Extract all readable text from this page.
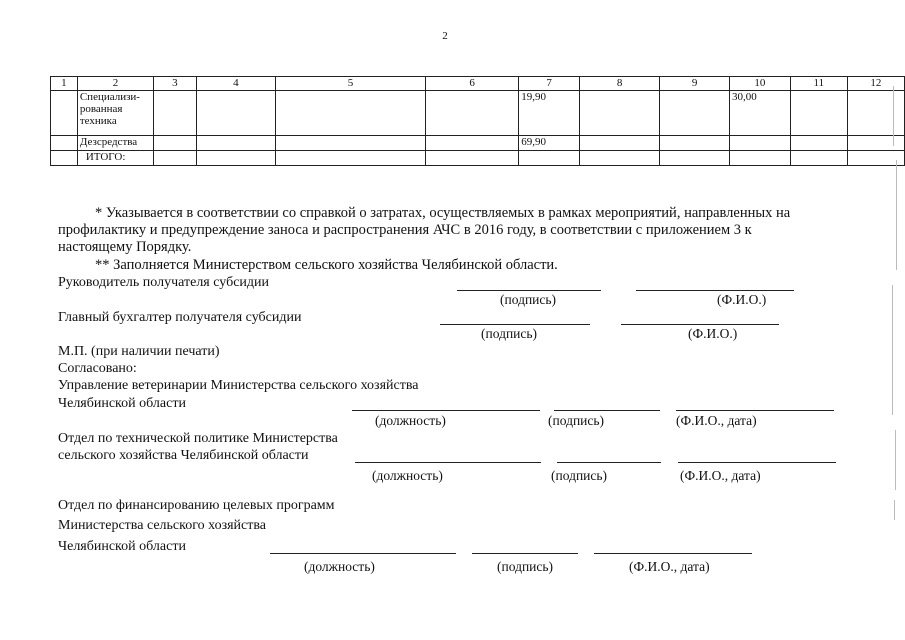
2
1	2	3	4	5	6	7	8	9	10	11	12
	Специализи-
рованная
техника					19,90			30,00		
	Дезсредства					69,90					
	ИТОГО:										
* Указывается в соответствии со справкой о затратах, осуществляемых в рамках мероприятий, направленных на
профилактику и предупреждение заноса и распространения АЧС в 2016 году, в соответствии с приложением 3 к
настоящему Порядку.
** Заполняется Министерством сельского хозяйства Челябинской области.
Руководитель получателя субсидии
(подпись)	(Ф.И.О.)
Главный бухгалтер получателя субсидии
(подпись)	(Ф.И.О.)
М.П. (при наличии печати)
Согласовано:
Управление ветеринарии Министерства сельского хозяйства
Челябинской области
(должность)	(подпись)	(Ф.И.О., дата)
Отдел по технической политике Министерства
сельского хозяйства Челябинской области
(должность)	(подпись)	(Ф.И.О., дата)
Отдел по финансированию целевых программ
Министерства сельского хозяйства
Челябинской области
(должность)	(подпись)	(Ф.И.О., дата)
